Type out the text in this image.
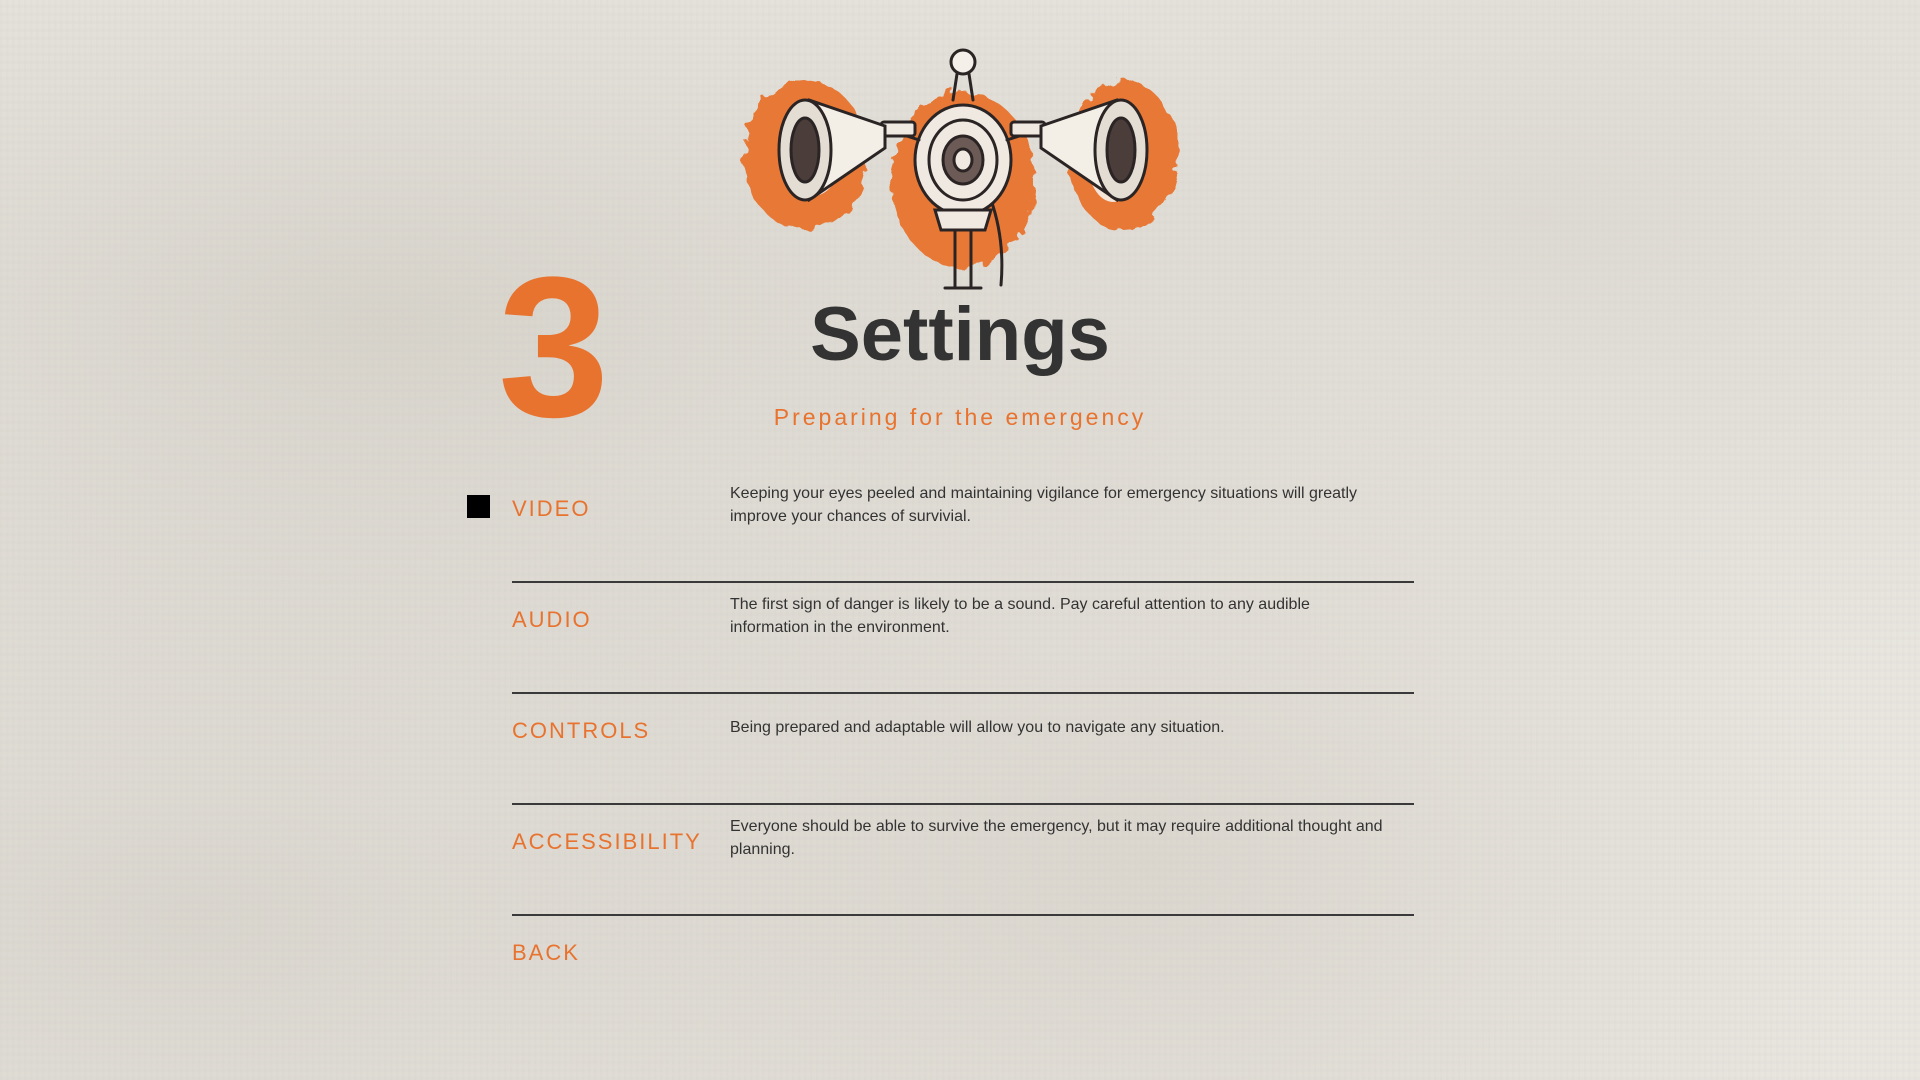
3	Settings
Preparing for the emergency
VIDEO
Keeping your eyes peeled and maintaining vigilance for emergency situations will greatly improve your chances of survivial.
AUDIO
The first sign of danger is likely to be a sound. Pay careful attention to any audible information in the environment.
CONTROLS	Being prepared and adaptable will allow you to navigate any situation.
ACCESSIBILITY
Everyone should be able to survive the emergency, but it may require additional thought and planning.
BACK
